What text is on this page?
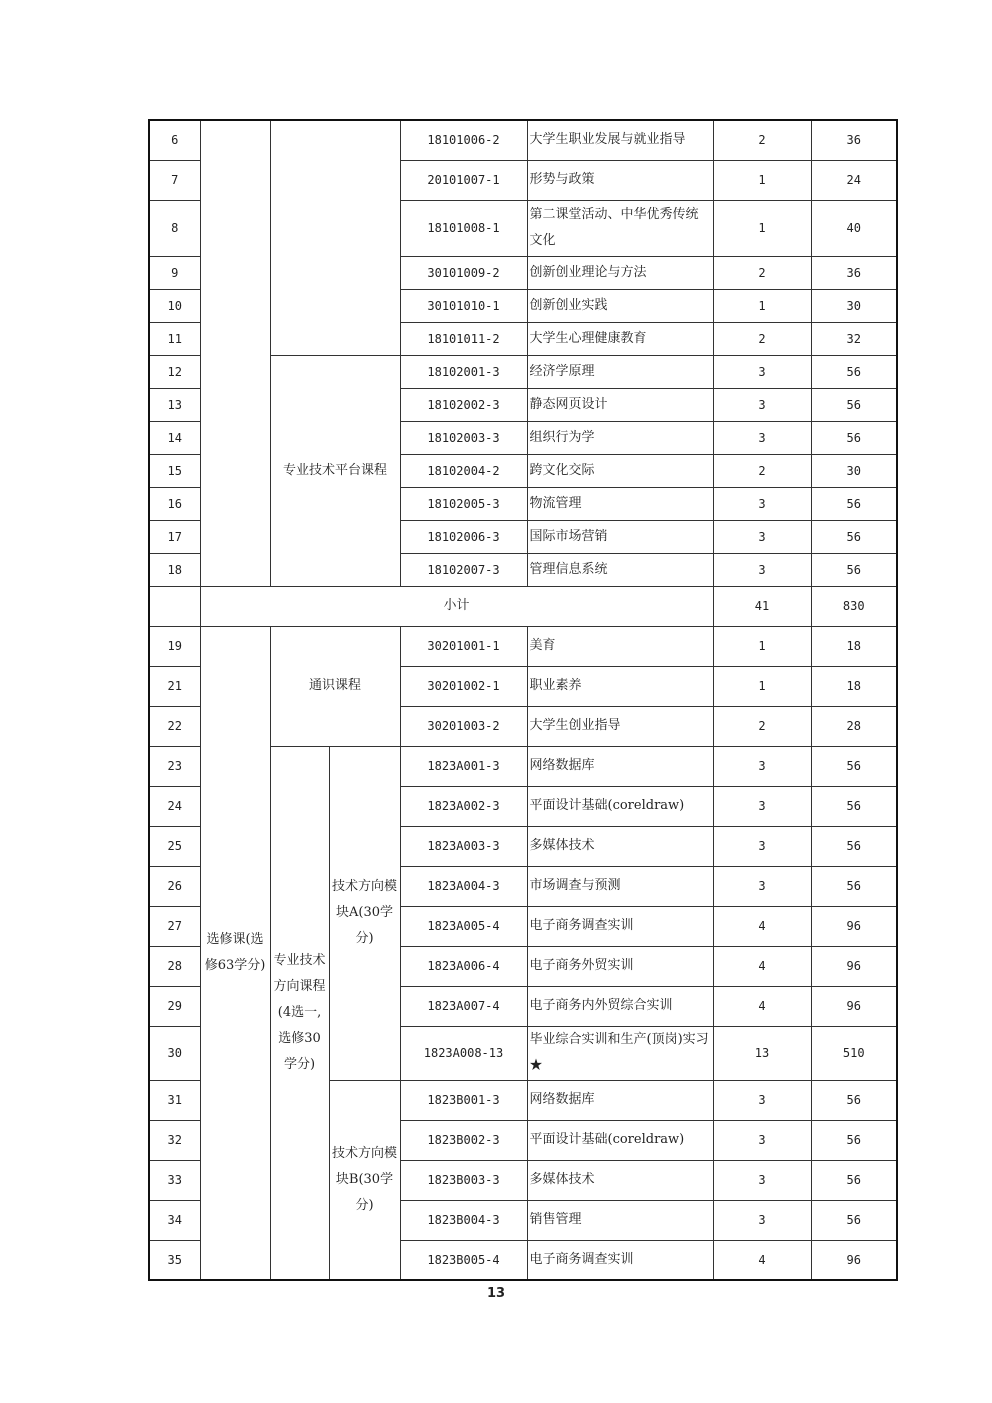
6				18101006-2	大学生职业发展与就业指导	2	36
7				20101007-1	形势与政策	1	24
8				18101008-1	第二课堂活动、中华优秀传统文化	1	40
9				30101009-2	创新创业理论与方法	2	36
10				30101010-1	创新创业实践	1	30
11				18101011-2	大学生心理健康教育	2	32
12		专业技术平台课程		18102001-3	经济学原理	3	56
13				18102002-3	静态网页设计	3	56
14				18102003-3	组织行为学	3	56
15				18102004-2	跨文化交际	2	30
16				18102005-3	物流管理	3	56
17				18102006-3	国际市场营销	3	56
18				18102007-3	管理信息系统	3	56
	小计					41	830
19	选修课(选修63学分)	通识课程		30201001-1	美育	1	18
21				30201002-1	职业素养	1	18
22				30201003-2	大学生创业指导	2	28
23		专业技术方向课程(4选一,选修30学分)	技术方向模块A(30学分)	1823A001-3	网络数据库	3	56
24				1823A002-3	平面设计基础(coreldraw)	3	56
25				1823A003-3	多媒体技术	3	56
26				1823A004-3	市场调查与预测	3	56
27				1823A005-4	电子商务调查实训	4	96
28				1823A006-4	电子商务外贸实训	4	96
29				1823A007-4	电子商务内外贸综合实训	4	96
30				1823A008-13	毕业综合实训和生产(顶岗)实习★	13	510
31			技术方向模块B(30学分)	1823B001-3	网络数据库	3	56
32				1823B002-3	平面设计基础(coreldraw)	3	56
33				1823B003-3	多媒体技术	3	56
34				1823B004-3	销售管理	3	56
35				1823B005-4	电子商务调查实训	4	96
13
